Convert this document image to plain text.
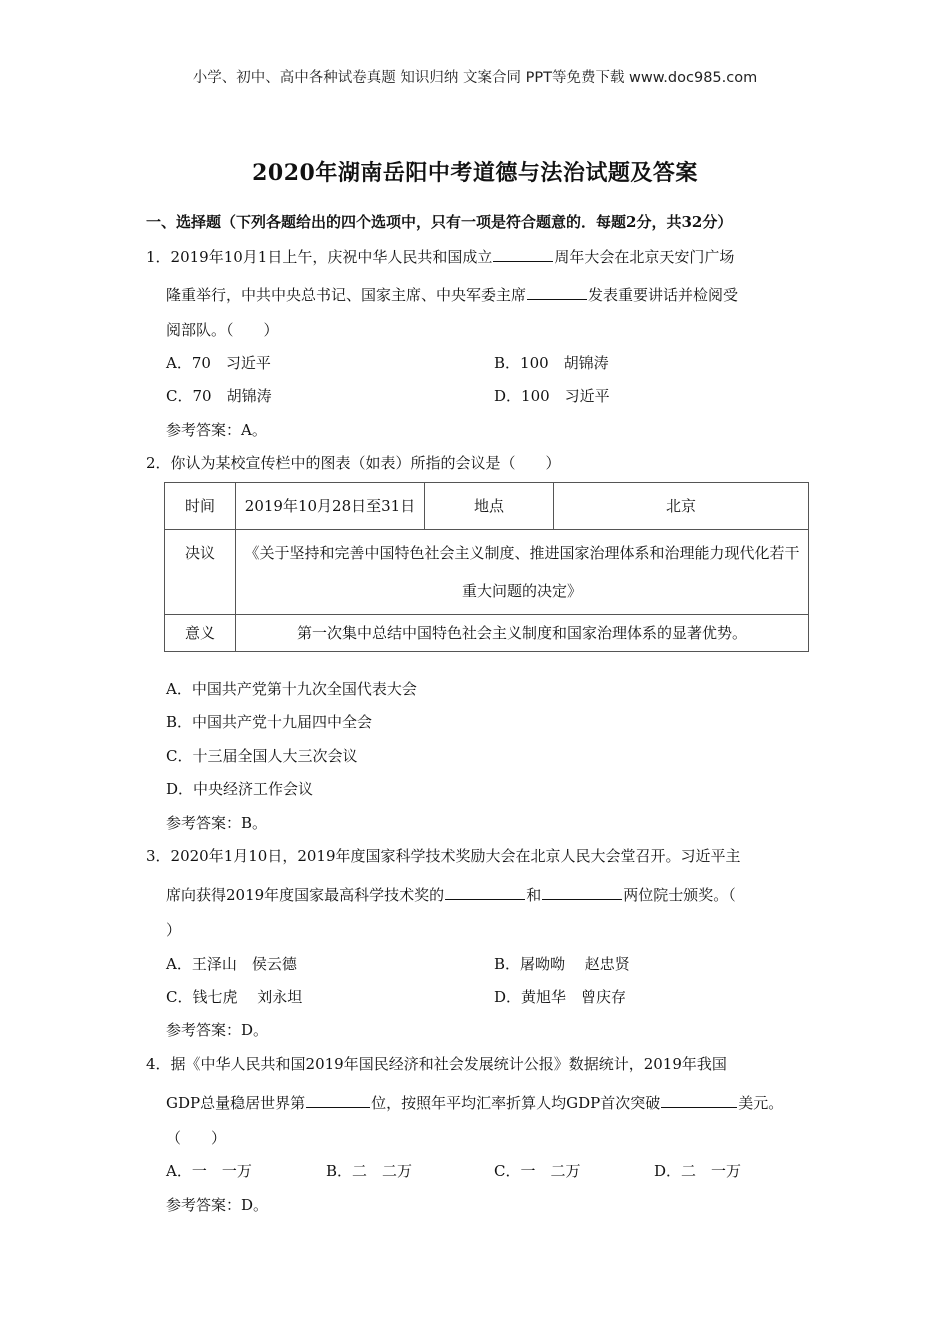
小学、初中、高中各种试卷真题 知识归纳 文案合同 PPT等免费下载 www.doc985.com
2020年湖南岳阳中考道德与法治试题及答案
一、选择题（下列各题给出的四个选项中，只有一项是符合题意的．每题2分，共32分）
1．2019年10月1日上午，庆祝中华人民共和国成立	周年大会在北京天安门广场
隆重举行，中共中央总书记、国家主席、中央军委主席	发表重要讲话并检阅受
阅部队。（　　）
A．70　习近平	B．100　胡锦涛
C．70　胡锦涛	D．100　习近平
参考答案：A。
2．你认为某校宣传栏中的图表（如表）所指的会议是（　　）
时间	2019年10月28日至31日	地点	北京
决议	《关于坚持和完善中国特色社会主义制度、推进国家治理体系和治理能力现代化若干重大问题的决定》		
意义	第一次集中总结中国特色社会主义制度和国家治理体系的显著优势。		
A．中国共产党第十九次全国代表大会
B．中国共产党十九届四中全会
C．十三届全国人大三次会议
D．中央经济工作会议
参考答案：B。
3．2020年1月10日，2019年度国家科学技术奖励大会在北京人民大会堂召开。习近平主
席向获得2019年度国家最高科学技术奖的	和	两位院士颁奖。（
）
A．王泽山　侯云德	B．屠呦呦　 赵忠贤
C．钱七虎　 刘永坦	D．黄旭华　曾庆存
参考答案：D。
4．据《中华人民共和国2019年国民经济和社会发展统计公报》数据统计，2019年我国
GDP总量稳居世界第	位，按照年平均汇率折算人均GDP首次突破	美元。
（　　）
A．一　一万	B．二　二万	C．一　二万	D．二　一万
参考答案：D。
